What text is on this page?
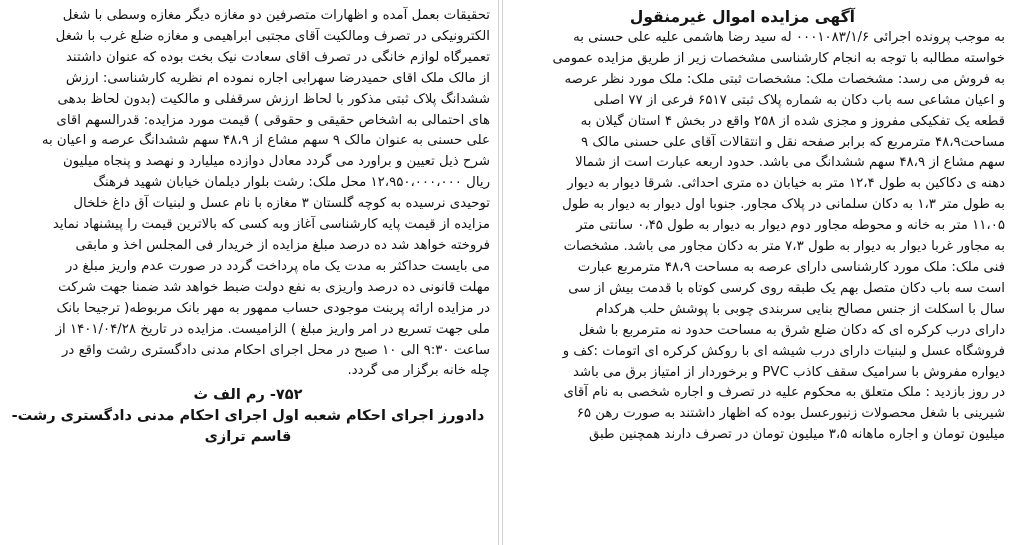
آگهی مزایده اموال غیرمنقول
به موجب پرونده اجرائی ۰۰۰۱۰۸۳/۱/۶ له سید رضا هاشمی علیه علی حسنی به
خواسته مطالبه با توجه به انجام کارشناسی مشخصات زیر از طریق مزایده عمومی
به فروش می رسد: مشخصات ملک: مشخصات ثبتی ملک: ملک مورد نظر عرصه
و اعیان مشاعی سه باب دکان به شماره پلاک ثبتی ۶۵۱۷ فرعی از ۷۷ اصلی
قطعه یک تفکیکی مفروز و مجزی شده از ۲۵۸ واقع در بخش ۴ استان گیلان به
مساحت۴۸،۹ مترمربع که برابر صفحه نقل و انتقالات آقای علی حسنی مالک ۹
سهم مشاع از ۴۸،۹ سهم ششدانگ می باشد. حدود اربعه عبارت است از شمالا
دهنه ی دکاکین به طول ۱۲،۴ متر به خیابان ده متری احداثی. شرقا دیوار به دیوار
به طول متر ۱،۳ به دکان سلمانی در پلاک مجاور. جنوبا اول دیوار به دیوار به طول
۱۱،۰۵ متر به خانه و محوطه مجاور دوم دیوار به دیوار به طول ۰،۴۵ سانتی متر
به مجاور غربا دیوار به دیوار به طول ۷،۳ متر به دکان مجاور می باشد. مشخصات
فنی ملک: ملک مورد کارشناسی دارای عرصه به مساحت ۴۸،۹ مترمربع عبارت
است سه باب دکان متصل بهم یک طبقه روی کرسی کوتاه با قدمت بیش از سی
سال با اسکلت از جنس مصالح بنایی سربندی چوبی با پوشش حلب هرکدام
دارای درب کرکره ای که دکان ضلع شرق به مساحت حدود نه مترمربع با شغل
فروشگاه عسل و لبنیات دارای درب شیشه ای با روکش کرکره ای اتومات :کف و
دیواره مفروش با سرامیک سقف کاذب PVC و برخوردار از امتیاز برق می باشد
در روز بازدید : ملک متعلق به محکوم علیه در تصرف و اجاره شخصی به نام آقای
شیرینی با شغل محصولات زنبورعسل بوده که اظهار داشتند به صورت رهن ۶۵
میلیون تومان و اجاره ماهانه ۳،۵ میلیون تومان در تصرف دارند همچنین طبق
تحقیقات بعمل آمده و اظهارات متصرفین دو مغازه دیگر مغازه وسطی با شغل
الکترونیکی در تصرف ومالکیت آقای مجتبی ابراهیمی و مغازه ضلع غرب با شغل
تعمیرگاه لوازم خانگی در تصرف اقای سعادت نیک بخت بوده که عنوان داشتند
از مالک ملک اقای حمیدرضا سهرابی اجاره نموده ام نظریه کارشناسی: ارزش
ششدانگ پلاک ثبتی مذکور با لحاظ ارزش سرقفلی و مالکیت (بدون لحاظ بدهی
های احتمالی به اشخاص حقیقی و حقوقی ) قیمت مورد مزایده: قدرالسهم اقای
علی حسنی به عنوان مالک ۹ سهم مشاع از ۴۸،۹ سهم ششدانگ عرصه و اعیان به
شرح ذیل تعیین و براورد می گردد معادل دوازده میلیارد و نهصد و پنجاه میلیون
ریال ۱۲،۹۵۰،۰۰۰،۰۰۰ محل ملک: رشت بلوار دیلمان خیابان شهید فرهنگ
توحیدی نرسیده به کوچه گلستان ۳ مغازه با نام عسل و لبنیات آق داغ خلخال
مزایده از قیمت پایه کارشناسی آغاز وبه کسی که بالاترین قیمت را پیشنهاد نماید
فروخته خواهد شد ده درصد مبلغ مزایده از خریدار فی المجلس اخذ و مابقی
می بایست حداکثر به مدت یک ماه پرداخت گردد در صورت عدم واریز مبلغ در
مهلت قانونی ده درصد واریزی به نفع دولت ضبط خواهد شد ضمنا جهت شرکت
در مزایده ارائه پرینت موجودی حساب ممهور به مهر بانک مربوطه( ترجیحا بانک
ملی جهت تسریع در امر واریز مبلغ ) الزامیست. مزایده در تاریخ ۱۴۰۱/۰۴/۲۸ از
ساعت ۹:۳۰ الی ۱۰ صبح در محل اجرای احکام مدنی دادگستری رشت واقع در
چله خانه برگزار می گردد.
۷۵۲- رم الف ث
دادورز اجرای احکام شعبه اول اجرای احکام مدنی دادگستری رشت-
قاسم ترازی
